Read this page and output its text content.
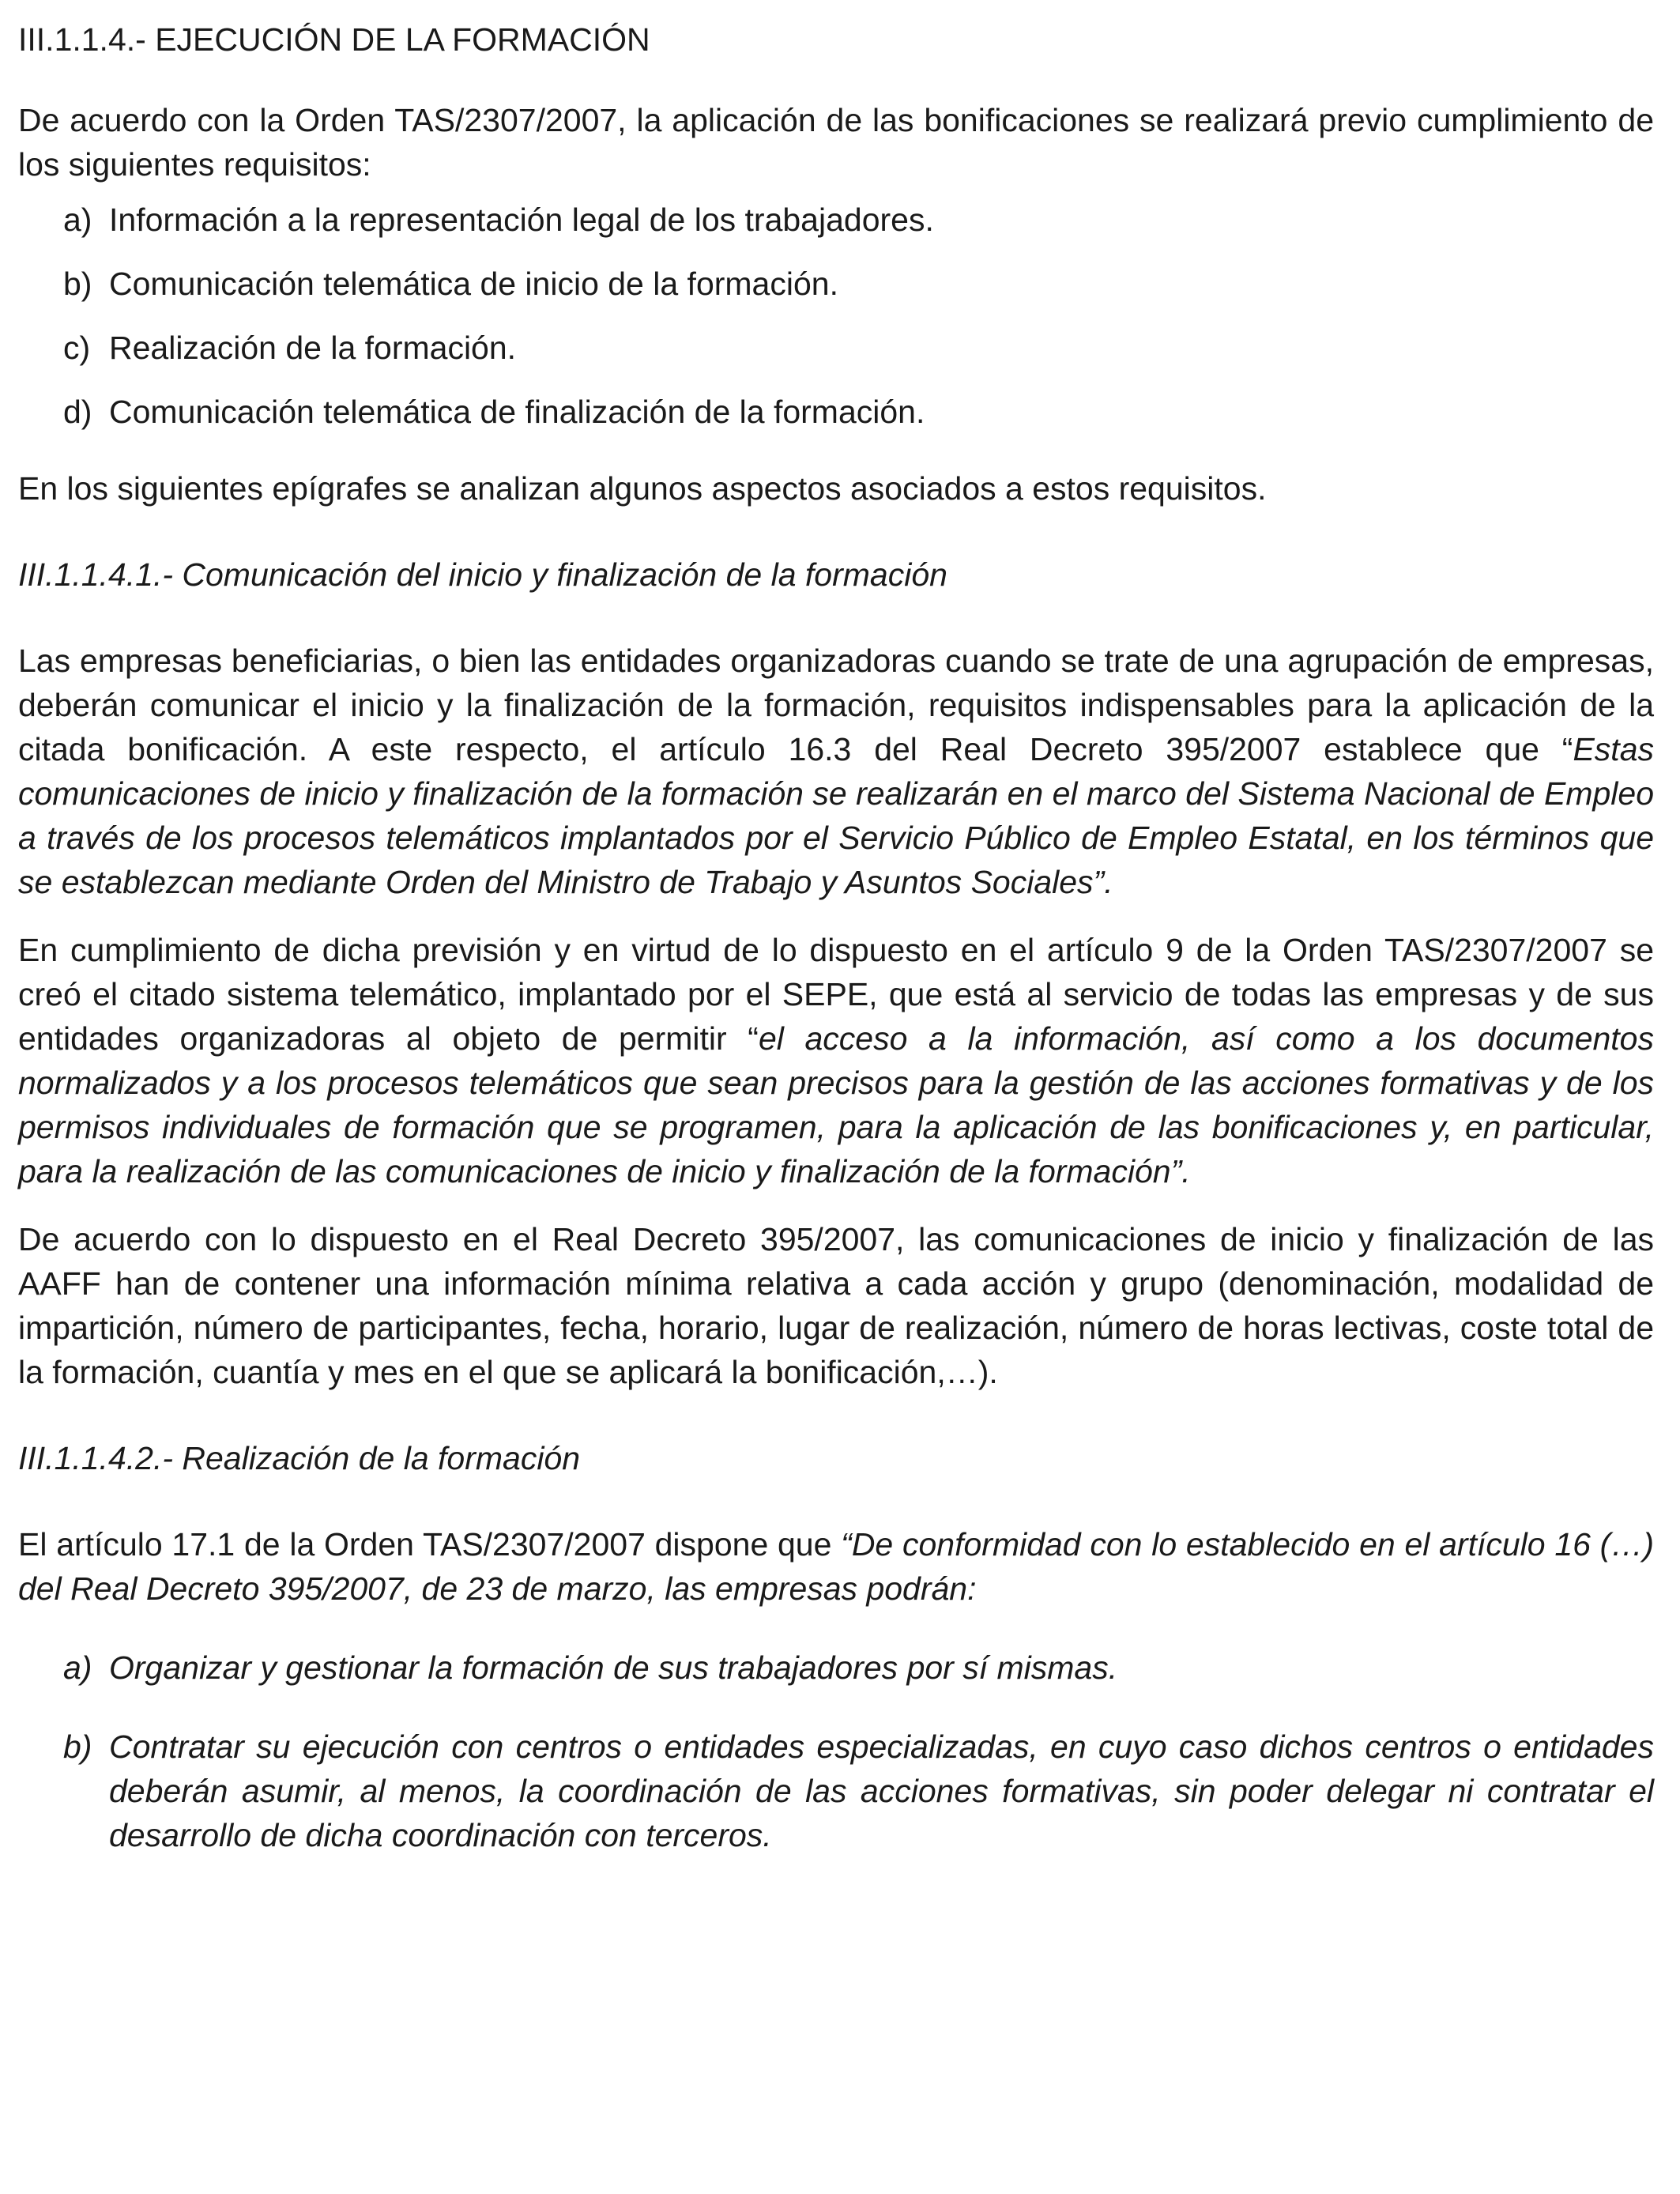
III.1.1.4.- EJECUCIÓN DE LA FORMACIÓN

De acuerdo con la Orden TAS/2307/2007, la aplicación de las bonificaciones se realizará previo cumplimiento de los siguientes requisitos:

a) Información a la representación legal de los trabajadores.
b) Comunicación telemática de inicio de la formación.
c) Realización de la formación.
d) Comunicación telemática de finalización de la formación.

En los siguientes epígrafes se analizan algunos aspectos asociados a estos requisitos.

III.1.1.4.1.- Comunicación del inicio y finalización de la formación

Las empresas beneficiarias, o bien las entidades organizadoras cuando se trate de una agrupación de empresas, deberán comunicar el inicio y la finalización de la formación, requisitos indispensables para la aplicación de la citada bonificación. A este respecto, el artículo 16.3 del Real Decreto 395/2007 establece que “Estas comunicaciones de inicio y finalización de la formación se realizarán en el marco del Sistema Nacional de Empleo a través de los procesos telemáticos implantados por el Servicio Público de Empleo Estatal, en los términos que se establezcan mediante Orden del Ministro de Trabajo y Asuntos Sociales”.

En cumplimiento de dicha previsión y en virtud de lo dispuesto en el artículo 9 de la Orden TAS/2307/2007 se creó el citado sistema telemático, implantado por el SEPE, que está al servicio de todas las empresas y de sus entidades organizadoras al objeto de permitir “el acceso a la información, así como a los documentos normalizados y a los procesos telemáticos que sean precisos para la gestión de las acciones formativas y de los permisos individuales de formación que se programen, para la aplicación de las bonificaciones y, en particular, para la realización de las comunicaciones de inicio y finalización de la formación”.

De acuerdo con lo dispuesto en el Real Decreto 395/2007, las comunicaciones de inicio y finalización de las AAFF han de contener una información mínima relativa a cada acción y grupo (denominación, modalidad de impartición, número de participantes, fecha, horario, lugar de realización, número de horas lectivas, coste total de la formación, cuantía y mes en el que se aplicará la bonificación,…).

III.1.1.4.2.- Realización de la formación

El artículo 17.1 de la Orden TAS/2307/2007 dispone que “De conformidad con lo establecido en el artículo 16 (…) del Real Decreto 395/2007, de 23 de marzo, las empresas podrán:

a) Organizar y gestionar la formación de sus trabajadores por sí mismas.
b) Contratar su ejecución con centros o entidades especializadas, en cuyo caso dichos centros o entidades deberán asumir, al menos, la coordinación de las acciones formativas, sin poder delegar ni contratar el desarrollo de dicha coordinación con terceros.
